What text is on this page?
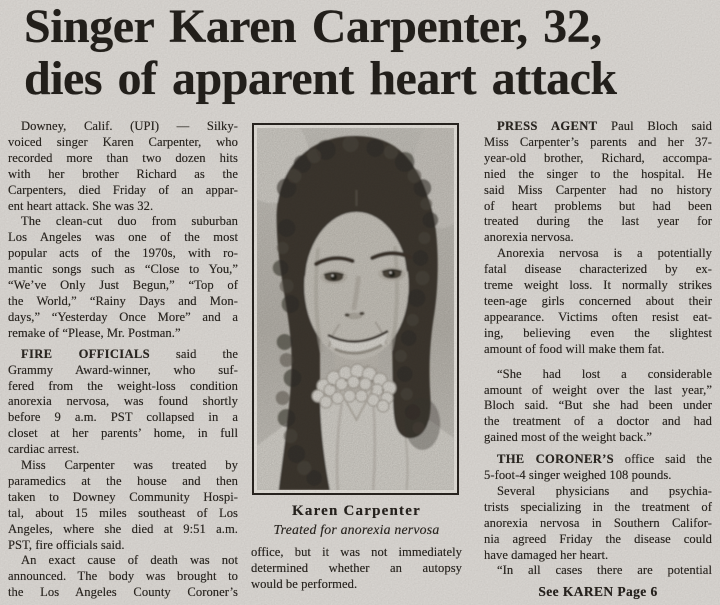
Singer Karen Carpenter, 32,
dies of apparent heart attack
Downey, Calif. (UPI) — Silky-
voiced singer Karen Carpenter, who
recorded more than two dozen hits
with her brother Richard as the
Carpenters, died Friday of an appar-
ent heart attack. She was 32.
The clean-cut duo from suburban
Los Angeles was one of the most
popular acts of the 1970s, with ro-
mantic songs such as “Close to You,”
“We’ve Only Just Begun,” “Top of
the World,” “Rainy Days and Mon-
days,” “Yesterday Once More” and a
remake of “Please, Mr. Postman.”
FIRE OFFICIALS said the
Grammy Award-winner, who suf-
fered from the weight-loss condition
anorexia nervosa, was found shortly
before 9 a.m. PST collapsed in a
closet at her parents’ home, in full
cardiac arrest.
Miss Carpenter was treated by
paramedics at the house and then
taken to Downey Community Hospi-
tal, about 15 miles southeast of Los
Angeles, where she died at 9:51 a.m.
PST, fire officials said.
An exact cause of death was not
announced. The body was brought to
the Los Angeles County Coroner’s
Karen Carpenter
Treated for anorexia nervosa
office, but it was not immediately
determined whether an autopsy
would be performed.
PRESS AGENT Paul Bloch said
Miss Carpenter’s parents and her 37-
year-old brother, Richard, accompa-
nied the singer to the hospital. He
said Miss Carpenter had no history
of heart problems but had been
treated during the last year for
anorexia nervosa.
Anorexia nervosa is a potentially
fatal disease characterized by ex-
treme weight loss. It normally strikes
teen-age girls concerned about their
appearance. Victims often resist eat-
ing, believing even the slightest
amount of food will make them fat.
“She had lost a considerable
amount of weight over the last year,”
Bloch said. “But she had been under
the treatment of a doctor and had
gained most of the weight back.”
THE CORONER’S office said the
5-foot-4 singer weighed 108 pounds.
Several physicians and psychia-
trists specializing in the treatment of
anorexia nervosa in Southern Califor-
nia agreed Friday the disease could
have damaged her heart.
“In all cases there are potential
See KAREN Page 6
